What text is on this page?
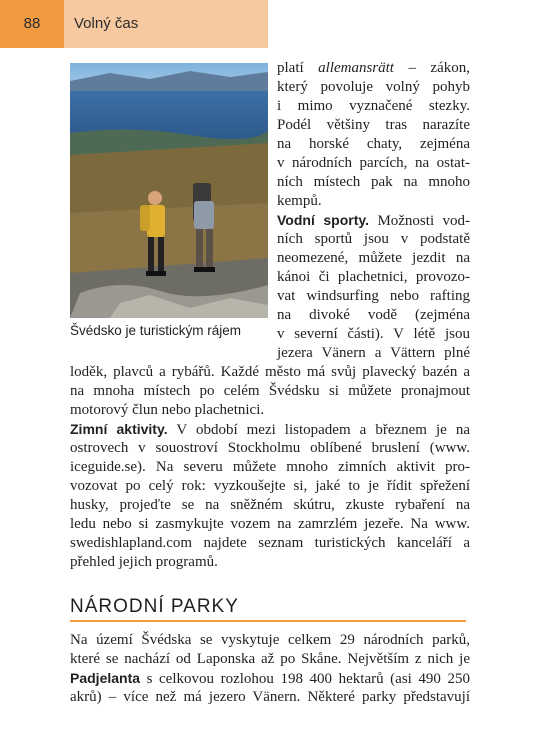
88	Volný čas
Švédsko je turistickým rájem
platí allemansrätt – zákon,
který povoluje volný pohyb
i mimo vyznačené stezky.
Podél většiny tras narazíte
na horské chaty, zejména
v národních parcích, na ostat-
ních místech pak na mnoho
kempů.
Vodní sporty. Možnosti vod-
ních sportů jsou v podstatě
neomezené, můžete jezdit na
kánoi či plachetnici, provozo-
vat windsurfing nebo rafting
na divoké vodě (zejména
v severní části). V létě jsou
jezera Vänern a Vättern plné
loděk, plavců a rybářů. Každé město má svůj plavecký bazén a
na mnoha místech po celém Švédsku si můžete pronajmout
motorový člun nebo plachetnici.
Zimní aktivity. V období mezi listopadem a březnem je na
ostrovech v souostroví Stockholmu oblíbené bruslení (www.
iceguide.se). Na severu můžete mnoho zimních aktivit pro-
vozovat po celý rok: vyzkoušejte si, jaké to je řídit spřežení
husky, projeďte se na sněžném skútru, zkuste rybaření na
ledu nebo si zasmykujte vozem na zamrzlém jezeře. Na www.
swedishlapland.com najdete seznam turistických kanceláří a
přehled jejich programů.
NÁRODNÍ PARKY
Na území Švédska se vyskytuje celkem 29 národních parků,
které se nachází od Laponska až po Skåne. Největším z nich je
Padjelanta s celkovou rozlohou 198 400 hektarů (asi 490 250
akrů) – více než má jezero Vänern. Některé parky představují
